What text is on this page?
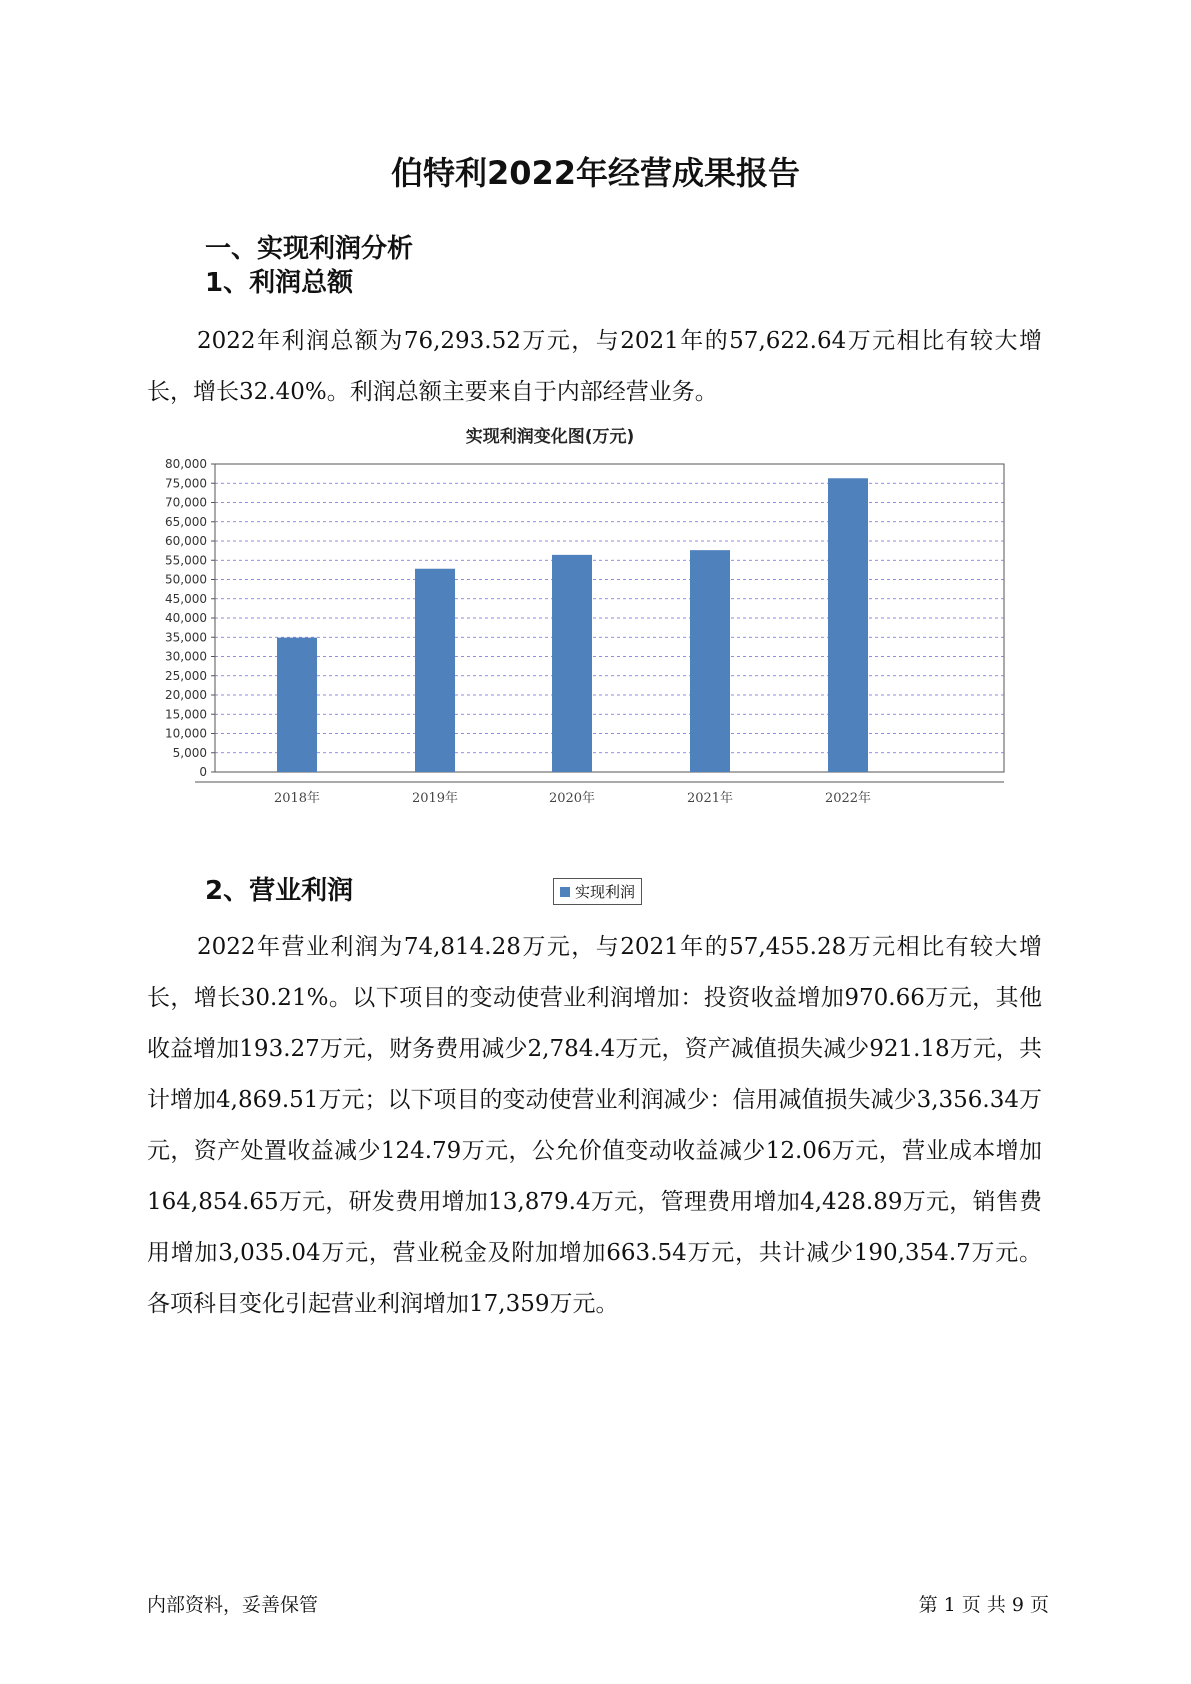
伯特利2022年经营成果报告
一、实现利润分析
1、利润总额
2022年利润总额为76,293.52万元，与2021年的57,622.64万元相比有较大增长，增长32.40%。利润总额主要来自于内部经营业务。
实现利润变化图(万元)
0
5,000
10,000
15,000
20,000
25,000
30,000
35,000
40,000
45,000
50,000
55,000
60,000
65,000
70,000
75,000
80,000
2018年	2019年	2020年	2021年	2022年
实现利润
2、营业利润
2022年营业利润为74,814.28万元，与2021年的57,455.28万元相比有较大增长，增长30.21%。以下项目的变动使营业利润增加：投资收益增加970.66万元，其他收益增加193.27万元，财务费用减少2,784.4万元，资产减值损失减少921.18万元，共计增加4,869.51万元；以下项目的变动使营业利润减少：信用减值损失减少3,356.34万元，资产处置收益减少124.79万元，公允价值变动收益减少12.06万元，营业成本增加164,854.65万元，研发费用增加13,879.4万元，管理费用增加4,428.89万元，销售费用增加3,035.04万元，营业税金及附加增加663.54万元，共计减少190,354.7万元。各项科目变化引起营业利润增加17,359万元。
内部资料，妥善保管	第 1 页 共 9 页
